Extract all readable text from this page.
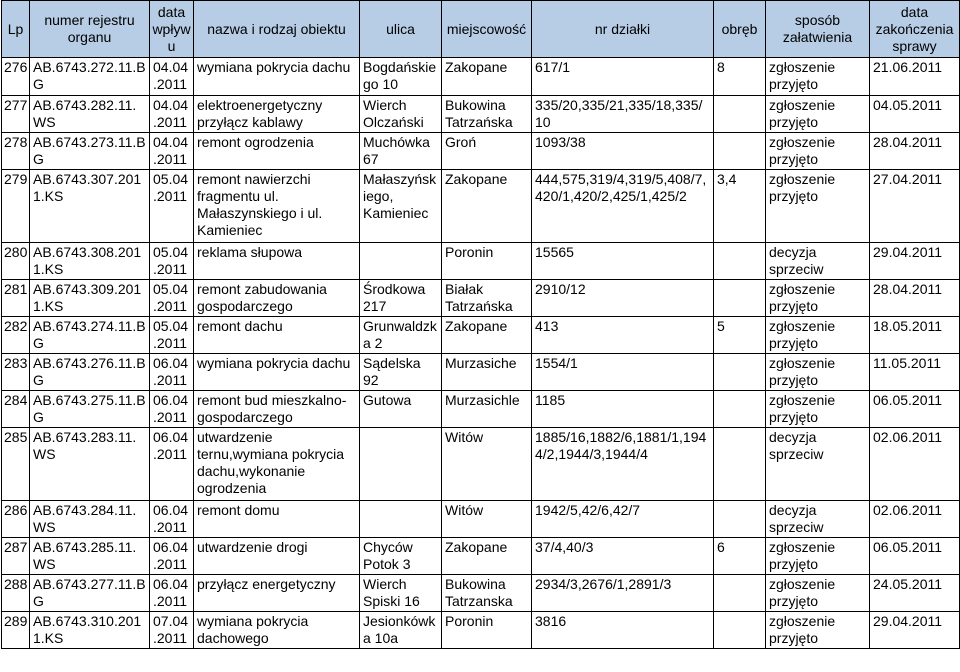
Lp	numer rejestru organu	data wpływu	nazwa i rodzaj obiektu	ulica	miejscowość	nr działki	obręb	sposób załatwienia	data zakończenia sprawy
276	AB.6743.272.11.BG	04.04.2011	wymiana pokrycia dachu	Bogdańskiego 10	Zakopane	617/1	8	zgłoszenie przyjęto	21.06.2011
277	AB.6743.282.11.WS	04.04.2011	elektroenergetyczny przyłącz kablawy	Wierch Olczański	Bukowina Tatrzańska	335/20,335/21,335/18,335/10		zgłoszenie przyjęto	04.05.2011
278	AB.6743.273.11.BG	04.04.2011	remont ogrodzenia	Muchówka 67	Groń	1093/38		zgłoszenie przyjęto	28.04.2011
279	AB.6743.307.2011.KS	05.04.2011	remont nawierzchi fragmentu ul. Małaszynskiego i ul. Kamieniec	Małaszyńskiego, Kamieniec	Zakopane	444,575,319/4,319/5,408/7,420/1,420/2,425/1,425/2	3,4	zgłoszenie przyjęto	27.04.2011
280	AB.6743.308.2011.KS	05.04.2011	reklama słupowa		Poronin	15565		decyzja sprzeciw	29.04.2011
281	AB.6743.309.2011.KS	05.04.2011	remont zabudowania gospodarczego	Środkowa 217	Białak Tatrzańska	2910/12		zgłoszenie przyjęto	28.04.2011
282	AB.6743.274.11.BG	05.04.2011	remont dachu	Grunwaldzka 2	Zakopane	413	5	zgłoszenie przyjęto	18.05.2011
283	AB.6743.276.11.BG	06.04.2011	wymiana pokrycia dachu	Sądelska 92	Murzasiche	1554/1		zgłoszenie przyjęto	11.05.2011
284	AB.6743.275.11.BG	06.04.2011	remont bud mieszkalno-gospodarczego	Gutowa	Murzasichle	1185		zgłoszenie przyjęto	06.05.2011
285	AB.6743.283.11.WS	06.04.2011	utwardzenie ternu,wymiana pokrycia dachu,wykonanie ogrodzenia		Witów	1885/16,1882/6,1881/1,1944/2,1944/3,1944/4		decyzja sprzeciw	02.06.2011
286	AB.6743.284.11.WS	06.04.2011	remont domu		Witów	1942/5,42/6,42/7		decyzja sprzeciw	02.06.2011
287	AB.6743.285.11.WS	06.04.2011	utwardzenie drogi	Chyców Potok 3	Zakopane	37/4,40/3	6	zgłoszenie przyjęto	06.05.2011
288	AB.6743.277.11.BG	06.04.2011	przyłącz energetyczny	Wierch Spiski 16	Bukowina Tatrzanska	2934/3,2676/1,2891/3		zgłoszenie przyjęto	24.05.2011
289	AB.6743.310.2011.KS	07.04.2011	wymiana pokrycia dachowego	Jesionkówka 10a	Poronin	3816		zgłoszenie przyjęto	29.04.2011
